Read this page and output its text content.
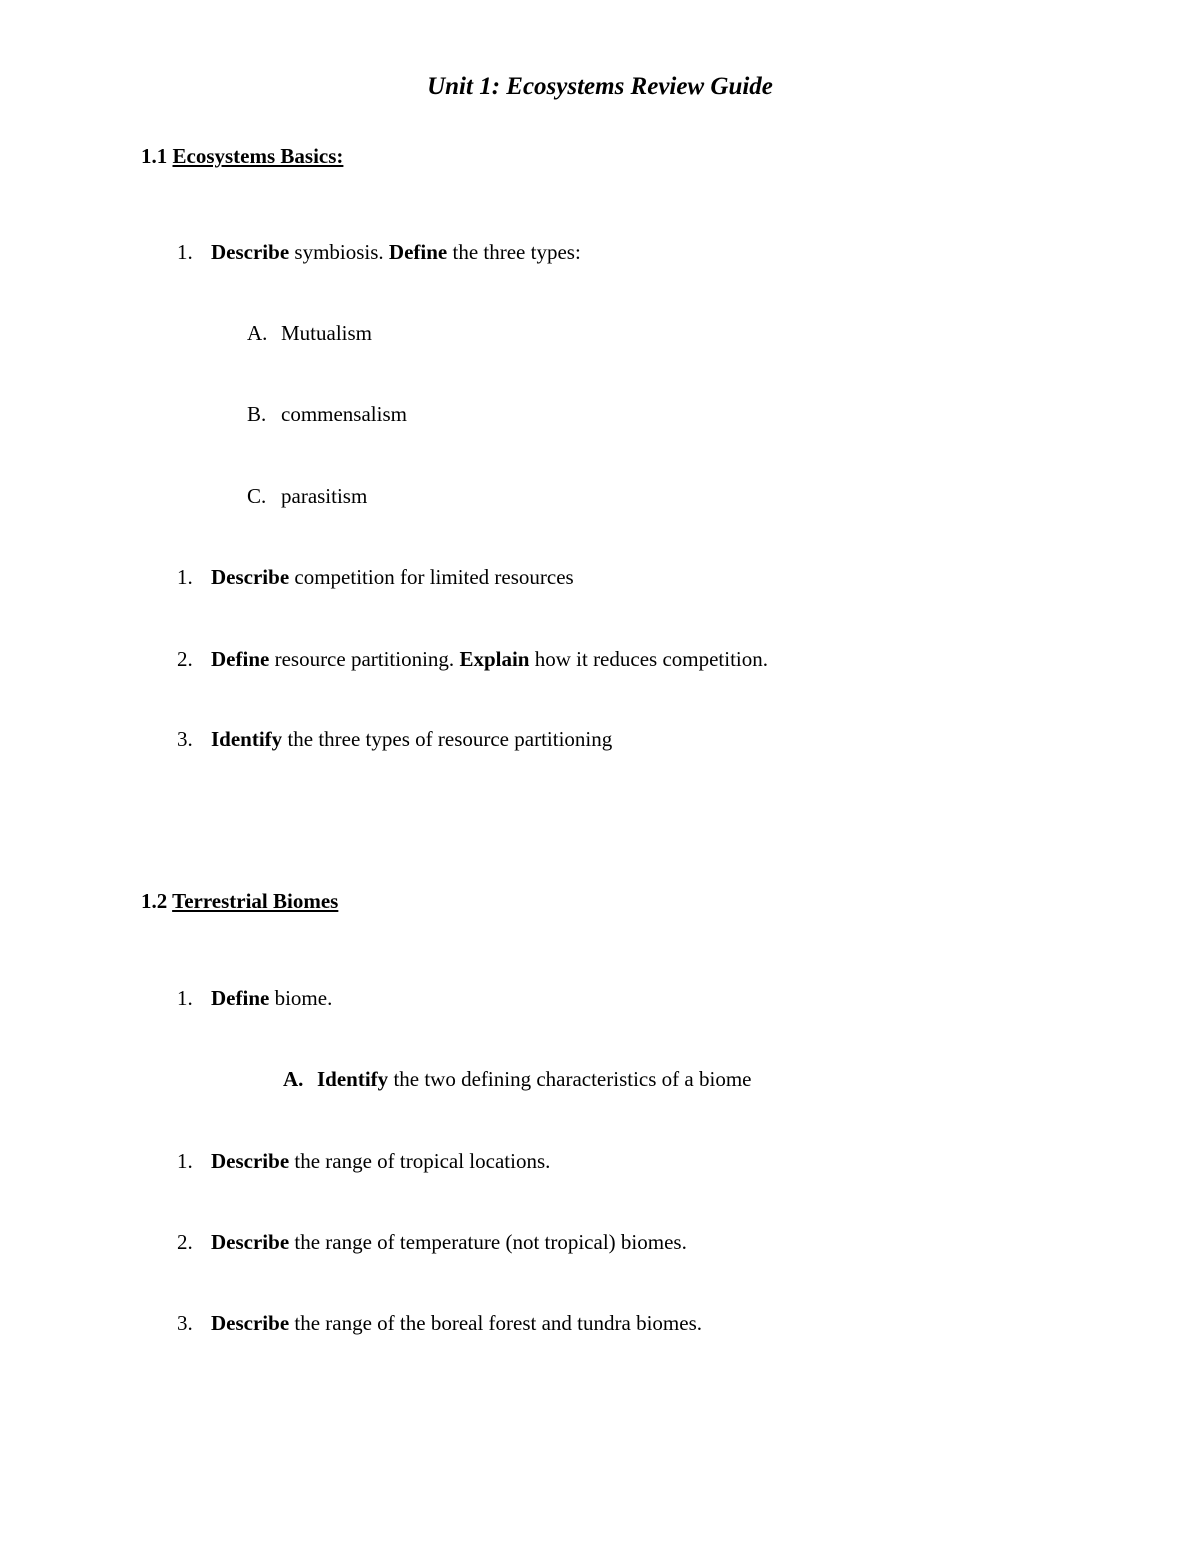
Unit 1: Ecosystems Review Guide
1.1 Ecosystems Basics:
1. Describe symbiosis. Define the three types:
A. Mutualism
B. commensalism
C. parasitism
1. Describe competition for limited resources
2. Define resource partitioning. Explain how it reduces competition.
3. Identify the three types of resource partitioning
1.2 Terrestrial Biomes
1. Define biome.
A. Identify the two defining characteristics of a biome
1. Describe the range of tropical locations.
2. Describe the range of temperature (not tropical) biomes.
3. Describe the range of the boreal forest and tundra biomes.
